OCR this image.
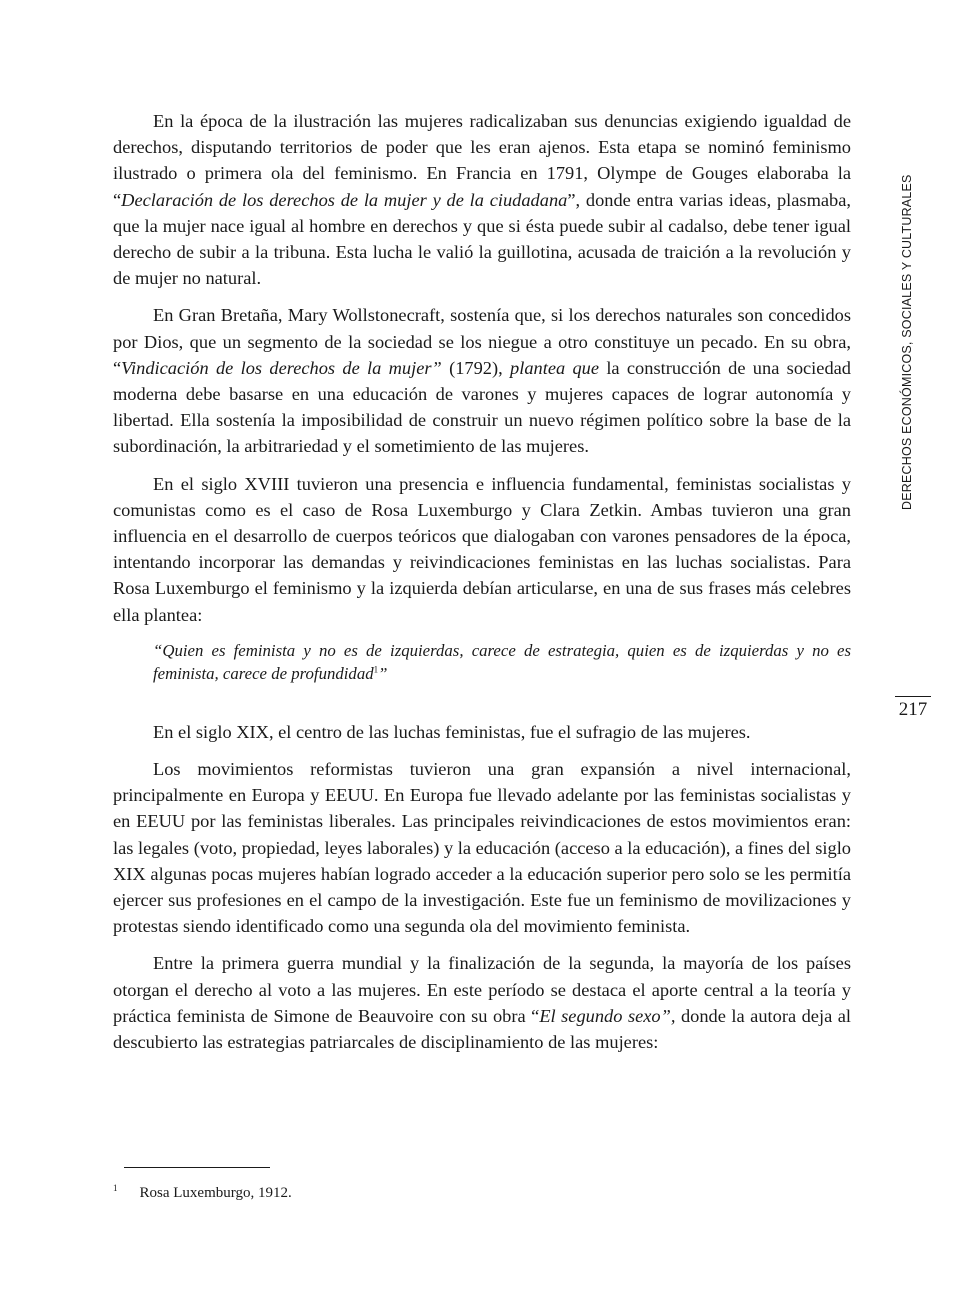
DERECHOS ECONÓMICOS, SOCIALES Y CULTURALES
217

En la época de la ilustración las mujeres radicalizaban sus denuncias exigiendo igualdad de derechos, disputando territorios de poder que les eran ajenos. Esta etapa se nominó feminismo ilustrado o primera ola del feminismo. En Francia en 1791, Olympe de Gouges elaboraba la “Declaración de los derechos de la mujer y de la ciudadana”, donde entra varias ideas, plasmaba, que la mujer nace igual al hombre en derechos y que si ésta puede subir al cadalso, debe tener igual derecho de subir a la tribuna. Esta lucha le valió la guillotina, acusada de traición a la revolución y de mujer no natural.

En Gran Bretaña, Mary Wollstonecraft, sostenía que, si los derechos naturales son concedidos por Dios, que un segmento de la sociedad se los niegue a otro constituye un pecado. En su obra, “Vindicación de los derechos de la mujer” (1792), plantea que la construcción de una sociedad moderna debe basarse en una educación de varones y mujeres capaces de lograr autonomía y libertad. Ella sostenía la imposibilidad de construir un nuevo régimen político sobre la base de la subordinación, la arbitrariedad y el sometimiento de las mujeres.

En el siglo XVIII tuvieron una presencia e influencia fundamental, feministas socialistas y comunistas como es el caso de Rosa Luxemburgo y Clara Zetkin. Ambas tuvieron una gran influencia en el desarrollo de cuerpos teóricos que dialogaban con varones pensadores de la época, intentando incorporar las demandas y reivindicaciones feministas en las luchas socialistas. Para Rosa Luxemburgo el feminismo y la izquierda debían articularse, en una de sus frases más celebres ella plantea:

“Quien es feminista y no es de izquierdas, carece de estrategia, quien es de izquierdas y no es feminista, carece de profundidad$^1$”

En el siglo XIX, el centro de las luchas feministas, fue el sufragio de las mujeres.

Los movimientos reformistas tuvieron una gran expansión a nivel internacional, principalmente en Europa y EEUU. En Europa fue llevado adelante por las feministas socialistas y en EEUU por las feministas liberales. Las principales reivindicaciones de estos movimientos eran: las legales (voto, propiedad, leyes laborales) y la educación (acceso a la educación), a fines del siglo XIX algunas pocas mujeres habían logrado acceder a la educación superior pero solo se les permitía ejercer sus profesiones en el campo de la investigación. Este fue un feminismo de movilizaciones y protestas siendo identificado como una segunda ola del movimiento feminista.

Entre la primera guerra mundial y la finalización de la segunda, la mayoría de los países otorgan el derecho al voto a las mujeres. En este período se destaca el aporte central a la teoría y práctica feminista de Simone de Beauvoire con su obra “El segundo sexo”, donde la autora deja al descubierto las estrategias patriarcales de disciplinamiento de las mujeres:

$^1$ Rosa Luxemburgo, 1912.
